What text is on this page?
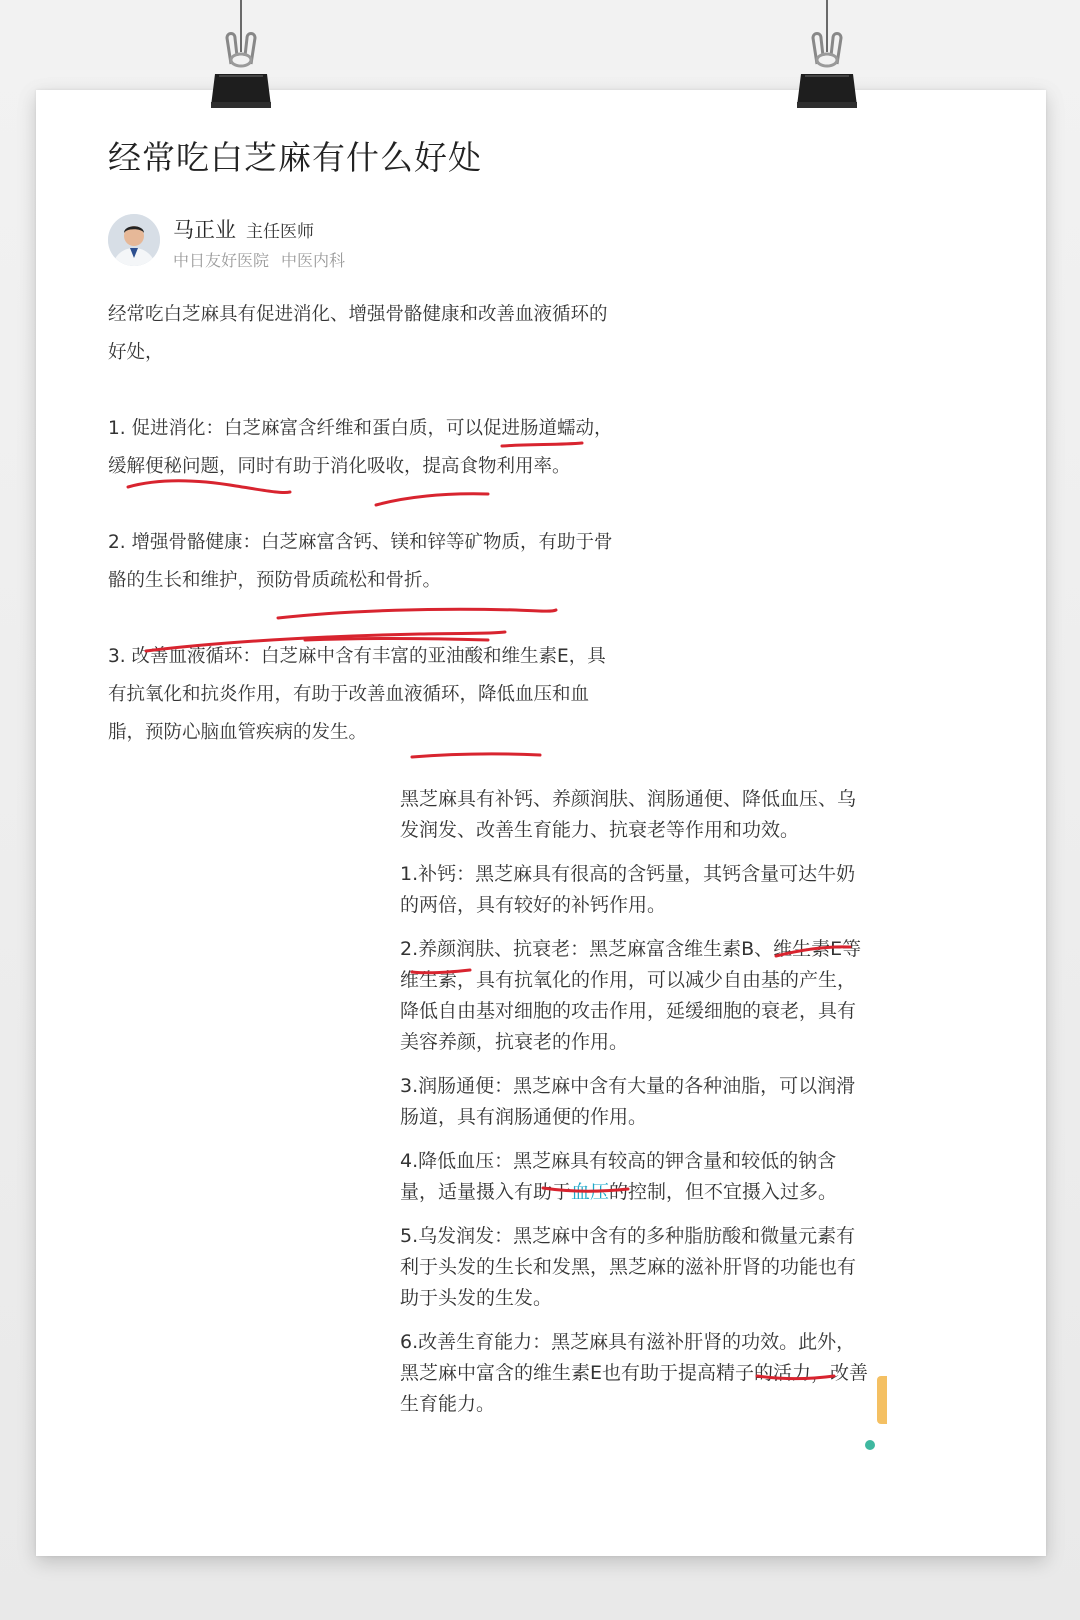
经常吃白芝麻有什么好处
马正业 主任医师
中日友好医院 中医内科

经常吃白芝麻具有促进消化、增强骨骼健康和改善血液循环的好处，

1. 促进消化：白芝麻富含纤维和蛋白质，可以促进肠道蠕动，缓解便秘问题，同时有助于消化吸收，提高食物利用率。

2. 增强骨骼健康：白芝麻富含钙、镁和锌等矿物质，有助于骨骼的生长和维护，预防骨质疏松和骨折。

3. 改善血液循环：白芝麻中含有丰富的亚油酸和维生素E，具有抗氧化和抗炎作用，有助于改善血液循环，降低血压和血脂，预防心脑血管疾病的发生。

黑芝麻具有补钙、养颜润肤、润肠通便、降低血压、乌发润发、改善生育能力、抗衰老等作用和功效。

1.补钙：黑芝麻具有很高的含钙量，其钙含量可达牛奶的两倍，具有较好的补钙作用。

2.养颜润肤、抗衰老：黑芝麻富含维生素B、维生素E等维生素，具有抗氧化的作用，可以减少自由基的产生，降低自由基对细胞的攻击作用，延缓细胞的衰老，具有美容养颜，抗衰老的作用。

3.润肠通便：黑芝麻中含有大量的各种油脂，可以润滑肠道，具有润肠通便的作用。

4.降低血压：黑芝麻具有较高的钾含量和较低的钠含量，适量摄入有助于血压的控制，但不宜摄入过多。

5.乌发润发：黑芝麻中含有的多种脂肪酸和微量元素有利于头发的生长和发黑，黑芝麻的滋补肝肾的功能也有助于头发的生发。

6.改善生育能力：黑芝麻具有滋补肝肾的功效。此外，黑芝麻中富含的维生素E也有助于提高精子的活力，改善生育能力。
